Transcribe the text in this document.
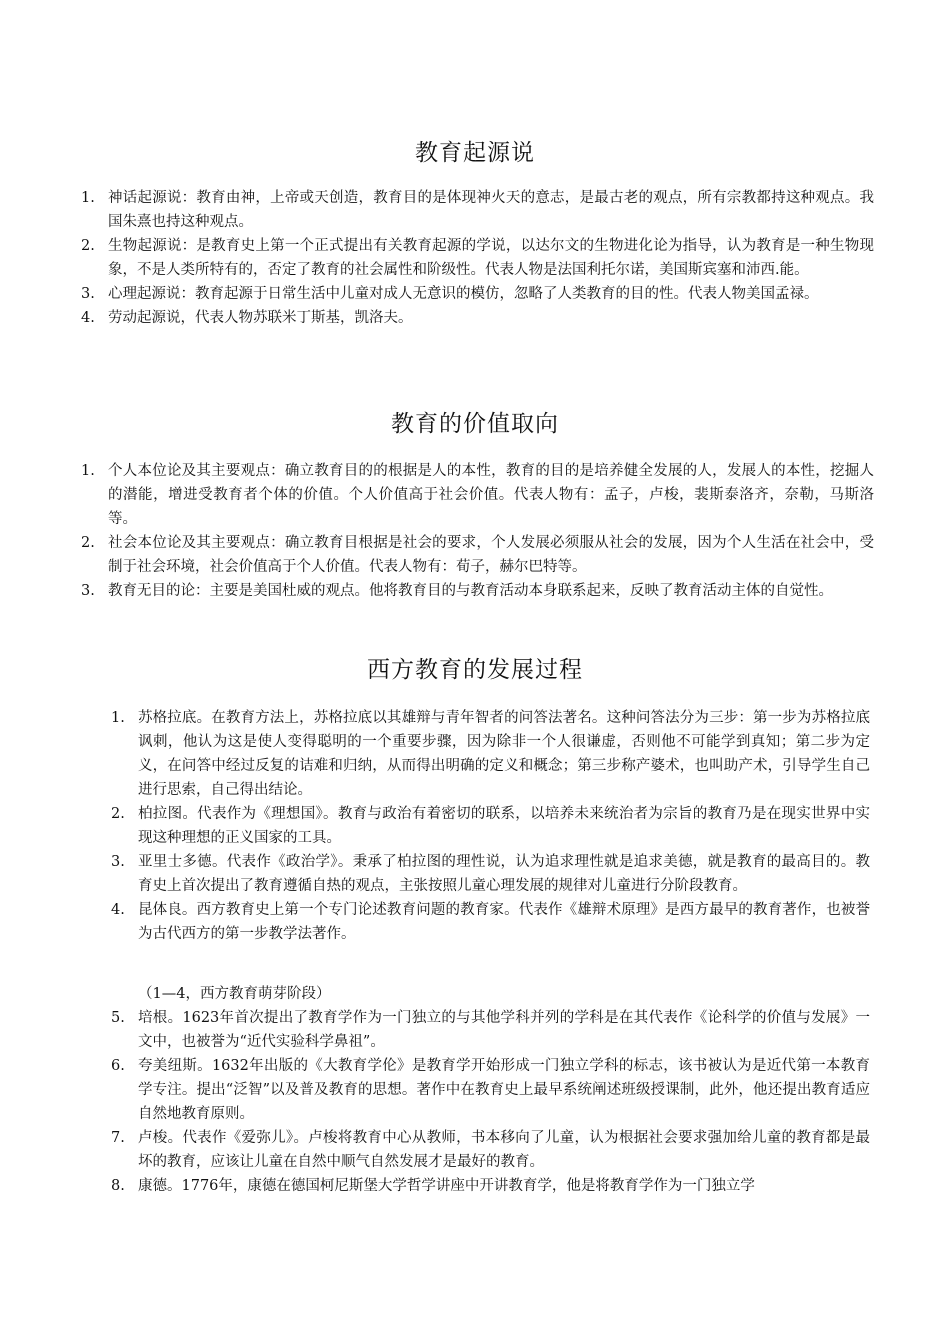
教育起源说
1. 神话起源说：教育由神，上帝或天创造，教育目的是体现神火天的意志，是最古老的观点，所有宗教都持这种观点。我国朱熹也持这种观点。
2. 生物起源说：是教育史上第一个正式提出有关教育起源的学说，以达尔文的生物进化论为指导，认为教育是一种生物现象，不是人类所特有的，否定了教育的社会属性和阶级性。代表人物是法国利托尔诺，美国斯宾塞和沛西.能。
3. 心理起源说：教育起源于日常生活中儿童对成人无意识的模仿，忽略了人类教育的目的性。代表人物美国孟禄。
4. 劳动起源说，代表人物苏联米丁斯基，凯洛夫。
教育的价值取向
1. 个人本位论及其主要观点：确立教育目的的根据是人的本性，教育的目的是培养健全发展的人，发展人的本性，挖掘人的潜能，增进受教育者个体的价值。个人价值高于社会价值。代表人物有：孟子，卢梭，裴斯泰洛齐，奈勒，马斯洛等。
2. 社会本位论及其主要观点：确立教育目根据是社会的要求，个人发展必须服从社会的发展，因为个人生活在社会中，受制于社会环境，社会价值高于个人价值。代表人物有：荀子，赫尔巴特等。
3. 教育无目的论：主要是美国杜威的观点。他将教育目的与教育活动本身联系起来，反映了教育活动主体的自觉性。
西方教育的发展过程
1. 苏格拉底。在教育方法上，苏格拉底以其雄辩与青年智者的问答法著名。这种问答法分为三步：第一步为苏格拉底讽刺，他认为这是使人变得聪明的一个重要步骤，因为除非一个人很谦虚，否则他不可能学到真知；第二步为定义，在问答中经过反复的诘难和归纳，从而得出明确的定义和概念；第三步称产婆术，也叫助产术，引导学生自己进行思索，自己得出结论。
2. 柏拉图。代表作为《理想国》。教育与政治有着密切的联系，以培养未来统治者为宗旨的教育乃是在现实世界中实现这种理想的正义国家的工具。
3. 亚里士多德。代表作《政治学》。秉承了柏拉图的理性说，认为追求理性就是追求美德，就是教育的最高目的。教育史上首次提出了教育遵循自热的观点，主张按照儿童心理发展的规律对儿童进行分阶段教育。
4. 昆体良。西方教育史上第一个专门论述教育问题的教育家。代表作《雄辩术原理》是西方最早的教育著作，也被誉为古代西方的第一步教学法著作。
（1—4，西方教育萌芽阶段）
5. 培根。1623年首次提出了教育学作为一门独立的与其他学科并列的学科是在其代表作《论科学的价值与发展》一文中，也被誉为“近代实验科学鼻祖”。
6. 夸美纽斯。1632年出版的《大教育学伦》是教育学开始形成一门独立学科的标志，该书被认为是近代第一本教育学专注。提出“泛智”以及普及教育的思想。著作中在教育史上最早系统阐述班级授课制，此外，他还提出教育适应自然地教育原则。
7. 卢梭。代表作《爱弥儿》。卢梭将教育中心从教师，书本移向了儿童，认为根据社会要求强加给儿童的教育都是最坏的教育，应该让儿童在自然中顺气自然发展才是最好的教育。
8. 康德。1776年，康德在德国柯尼斯堡大学哲学讲座中开讲教育学，他是将教育学作为一门独立学
